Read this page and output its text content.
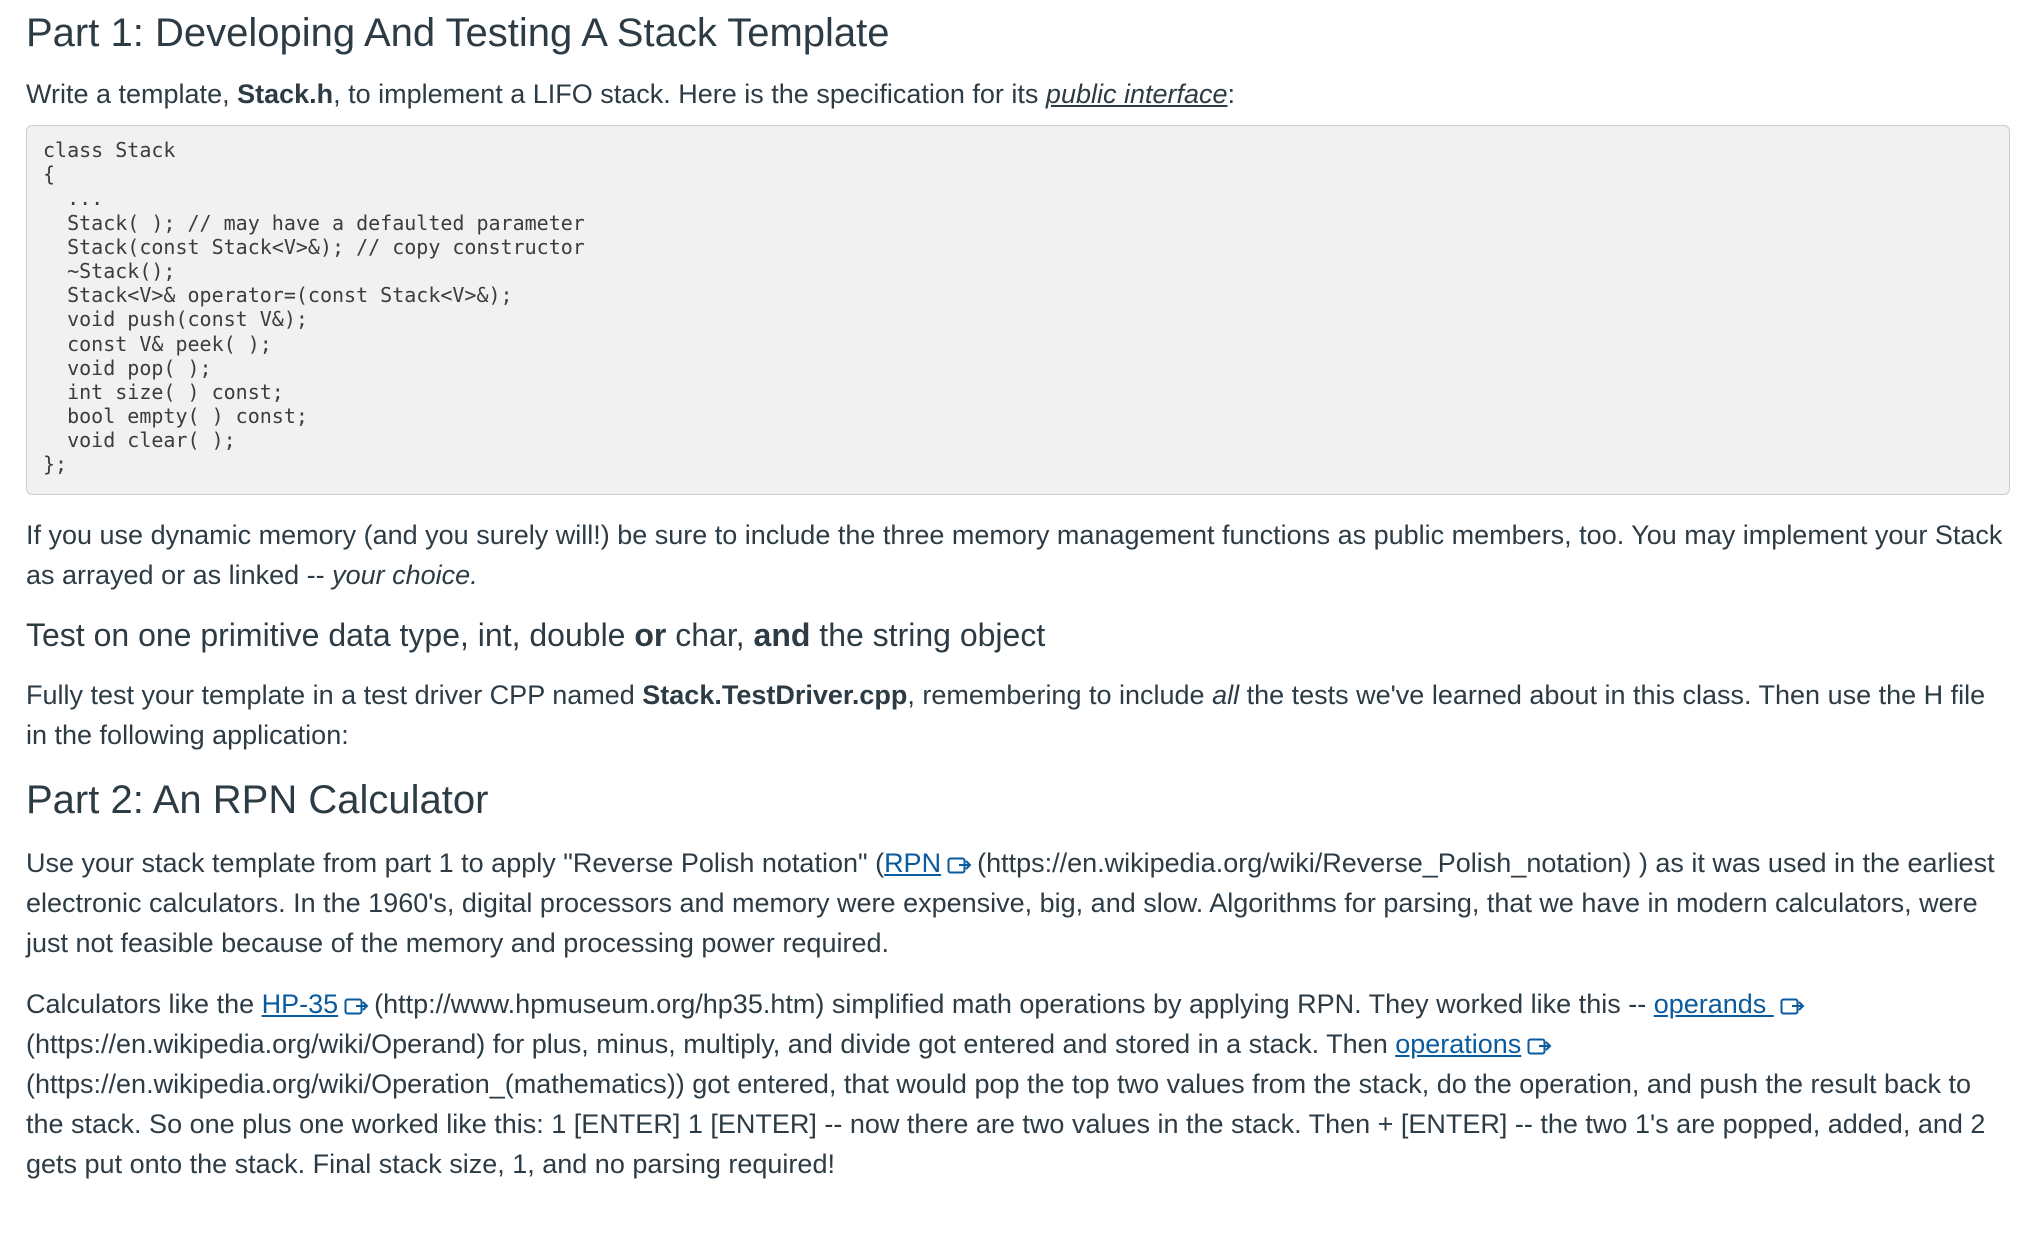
Part 1: Developing And Testing A Stack Template

Write a template, Stack.h, to implement a LIFO stack. Here is the specification for its public interface:

class Stack
{
...
Stack( ); // may have a defaulted parameter
Stack(const Stack<V>&); // copy constructor
~Stack();
Stack<V>& operator=(const Stack<V>&);
void push(const V&);
const V& peek( );
void pop( );
int size( ) const;
bool empty( ) const;
void clear( );
};

If you use dynamic memory (and you surely will!) be sure to include the three memory management functions as public members, too. You may implement your Stack as arrayed or as linked -- your choice.

Test on one primitive data type, int, double or char, and the string object

Fully test your template in a test driver CPP named Stack.TestDriver.cpp, remembering to include all the tests we've learned about in this class. Then use the H file in the following application:

Part 2: An RPN Calculator

Use your stack template from part 1 to apply "Reverse Polish notation" (RPN (https://en.wikipedia.org/wiki/Reverse_Polish_notation) ) as it was used in the earliest electronic calculators. In the 1960's, digital processors and memory were expensive, big, and slow. Algorithms for parsing, that we have in modern calculators, were just not feasible because of the memory and processing power required.

Calculators like the HP-35 (http://www.hpmuseum.org/hp35.htm) simplified math operations by applying RPN. They worked like this -- operands
(https://en.wikipedia.org/wiki/Operand) for plus, minus, multiply, and divide got entered and stored in a stack. Then operations
(https://en.wikipedia.org/wiki/Operation_(mathematics)) got entered, that would pop the top two values from the stack, do the operation, and push the result back to the stack. So one plus one worked like this: 1 [ENTER] 1 [ENTER] -- now there are two values in the stack. Then + [ENTER] -- the two 1's are popped, added, and 2 gets put onto the stack. Final stack size, 1, and no parsing required!
